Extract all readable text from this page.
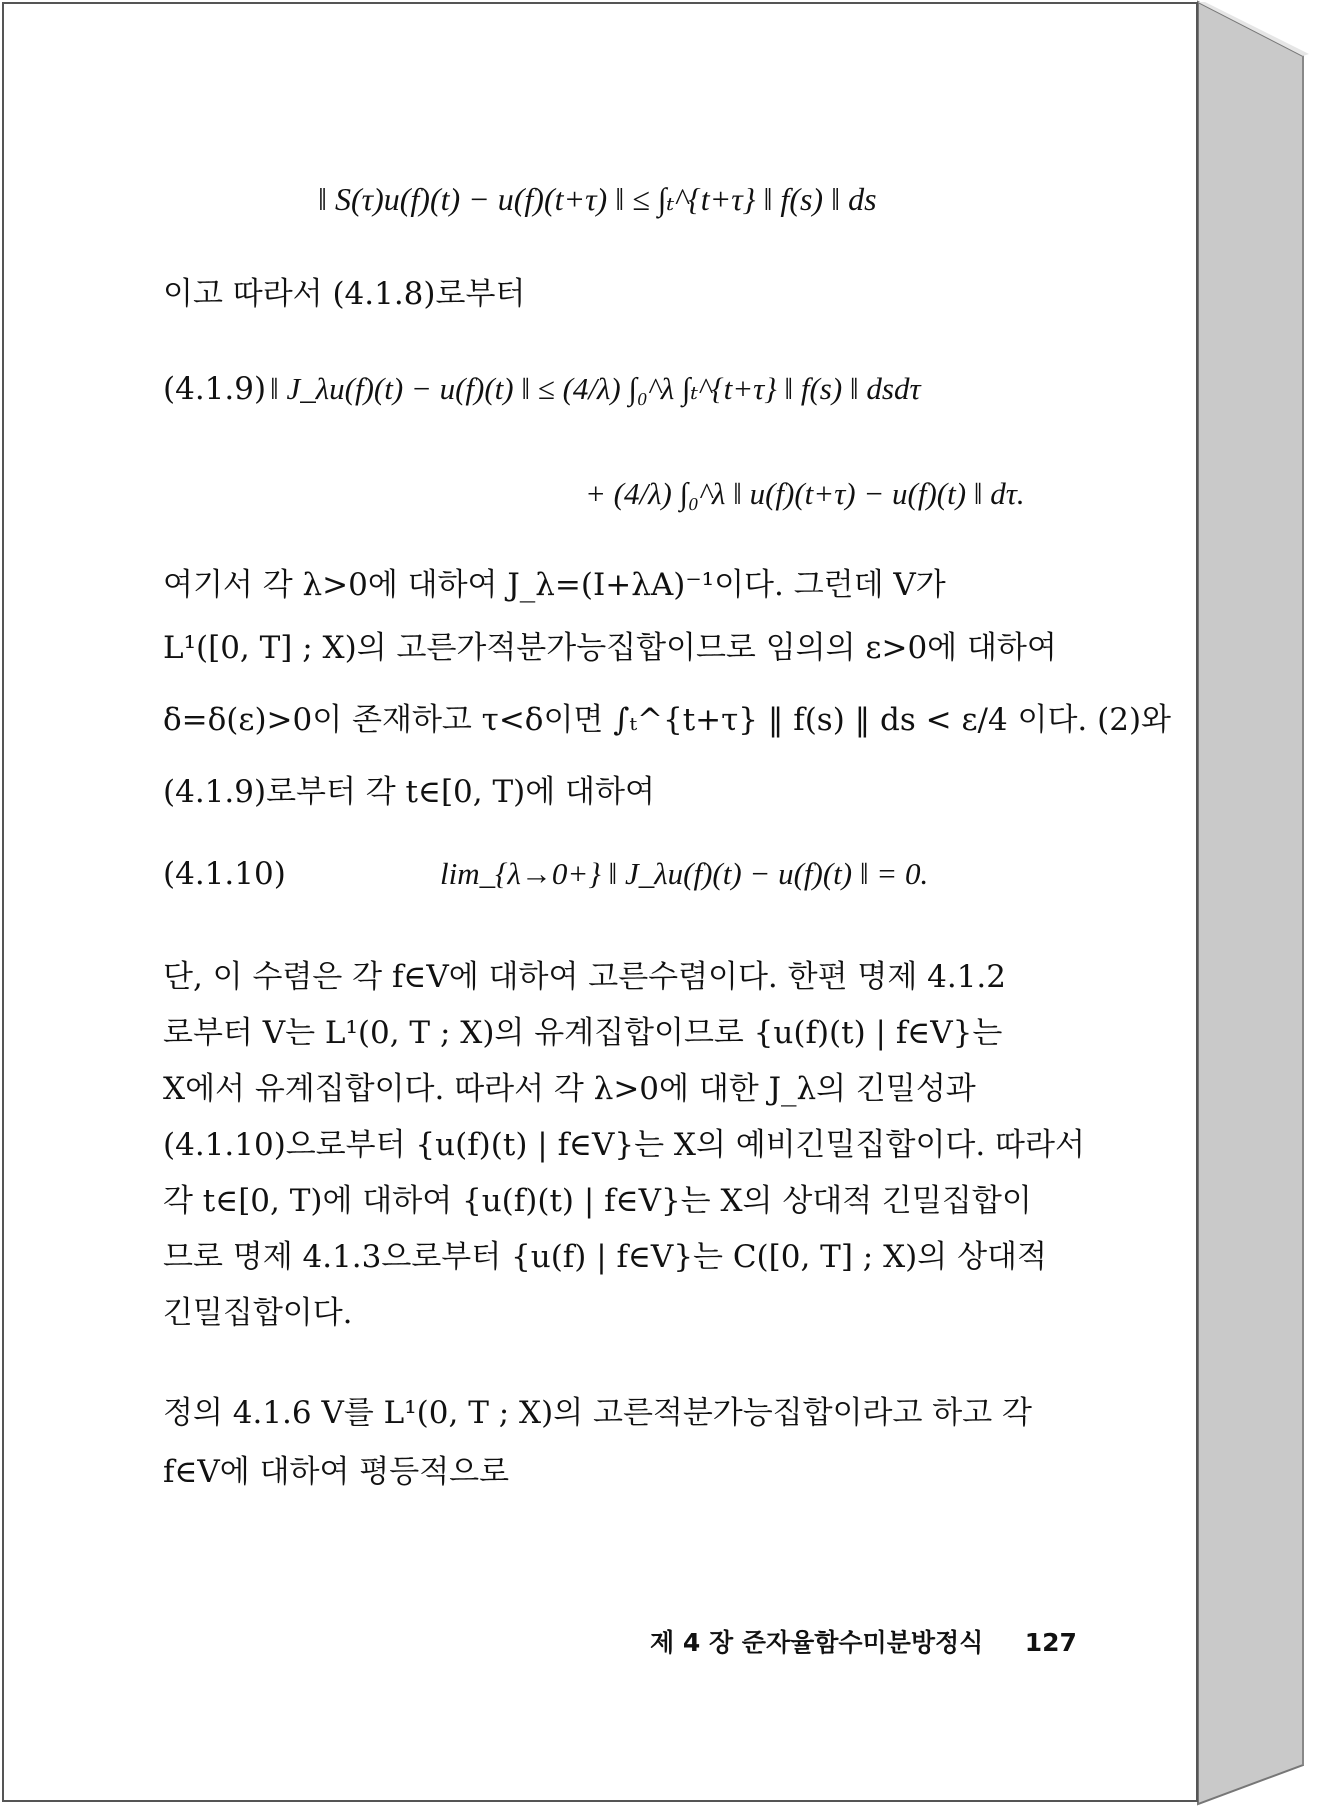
‖ S(τ)u(f)(t) − u(f)(t+τ) ‖ ≤ ∫ₜ^{t+τ} ‖ f(s) ‖ ds
이고 따라서 (4.1.8)로부터
(4.1.9) ‖ J_λu(f)(t) − u(f)(t) ‖ ≤ (4/λ) ∫₀^λ ∫ₜ^{t+τ} ‖ f(s) ‖ dsdτ
+ (4/λ) ∫₀^λ ‖ u(f)(t+τ) − u(f)(t) ‖ dτ.
여기서 각 λ>0에 대하여 J_λ=(I+λA)⁻¹이다. 그런데 V가
L¹([0, T] ; X)의 고른가적분가능집합이므로 임의의 ε>0에 대하여
δ=δ(ε)>0이 존재하고 τ<δ이면 ∫ₜ^{t+τ} ‖ f(s) ‖ ds < ε/4 이다. (2)와
(4.1.9)로부터 각 t∈[0, T)에 대하여
(4.1.10)	lim_{λ→0+} ‖ J_λu(f)(t) − u(f)(t) ‖ = 0.
단, 이 수렴은 각 f∈V에 대하여 고른수렴이다. 한편 명제 4.1.2
로부터 V는 L¹(0, T ; X)의 유계집합이므로 {u(f)(t) | f∈V}는
X에서 유계집합이다. 따라서 각 λ>0에 대한 J_λ의 긴밀성과
(4.1.10)으로부터 {u(f)(t) | f∈V}는 X의 예비긴밀집합이다. 따라서
각 t∈[0, T)에 대하여 {u(f)(t) | f∈V}는 X의 상대적 긴밀집합이
므로 명제 4.1.3으로부터 {u(f) | f∈V}는 C([0, T] ; X)의 상대적
긴밀집합이다.
정의 4.1.6 V를 L¹(0, T ; X)의 고른적분가능집합이라고 하고 각
f∈V에 대하여 평등적으로
제 4 장 준자율함수미분방정식 127
